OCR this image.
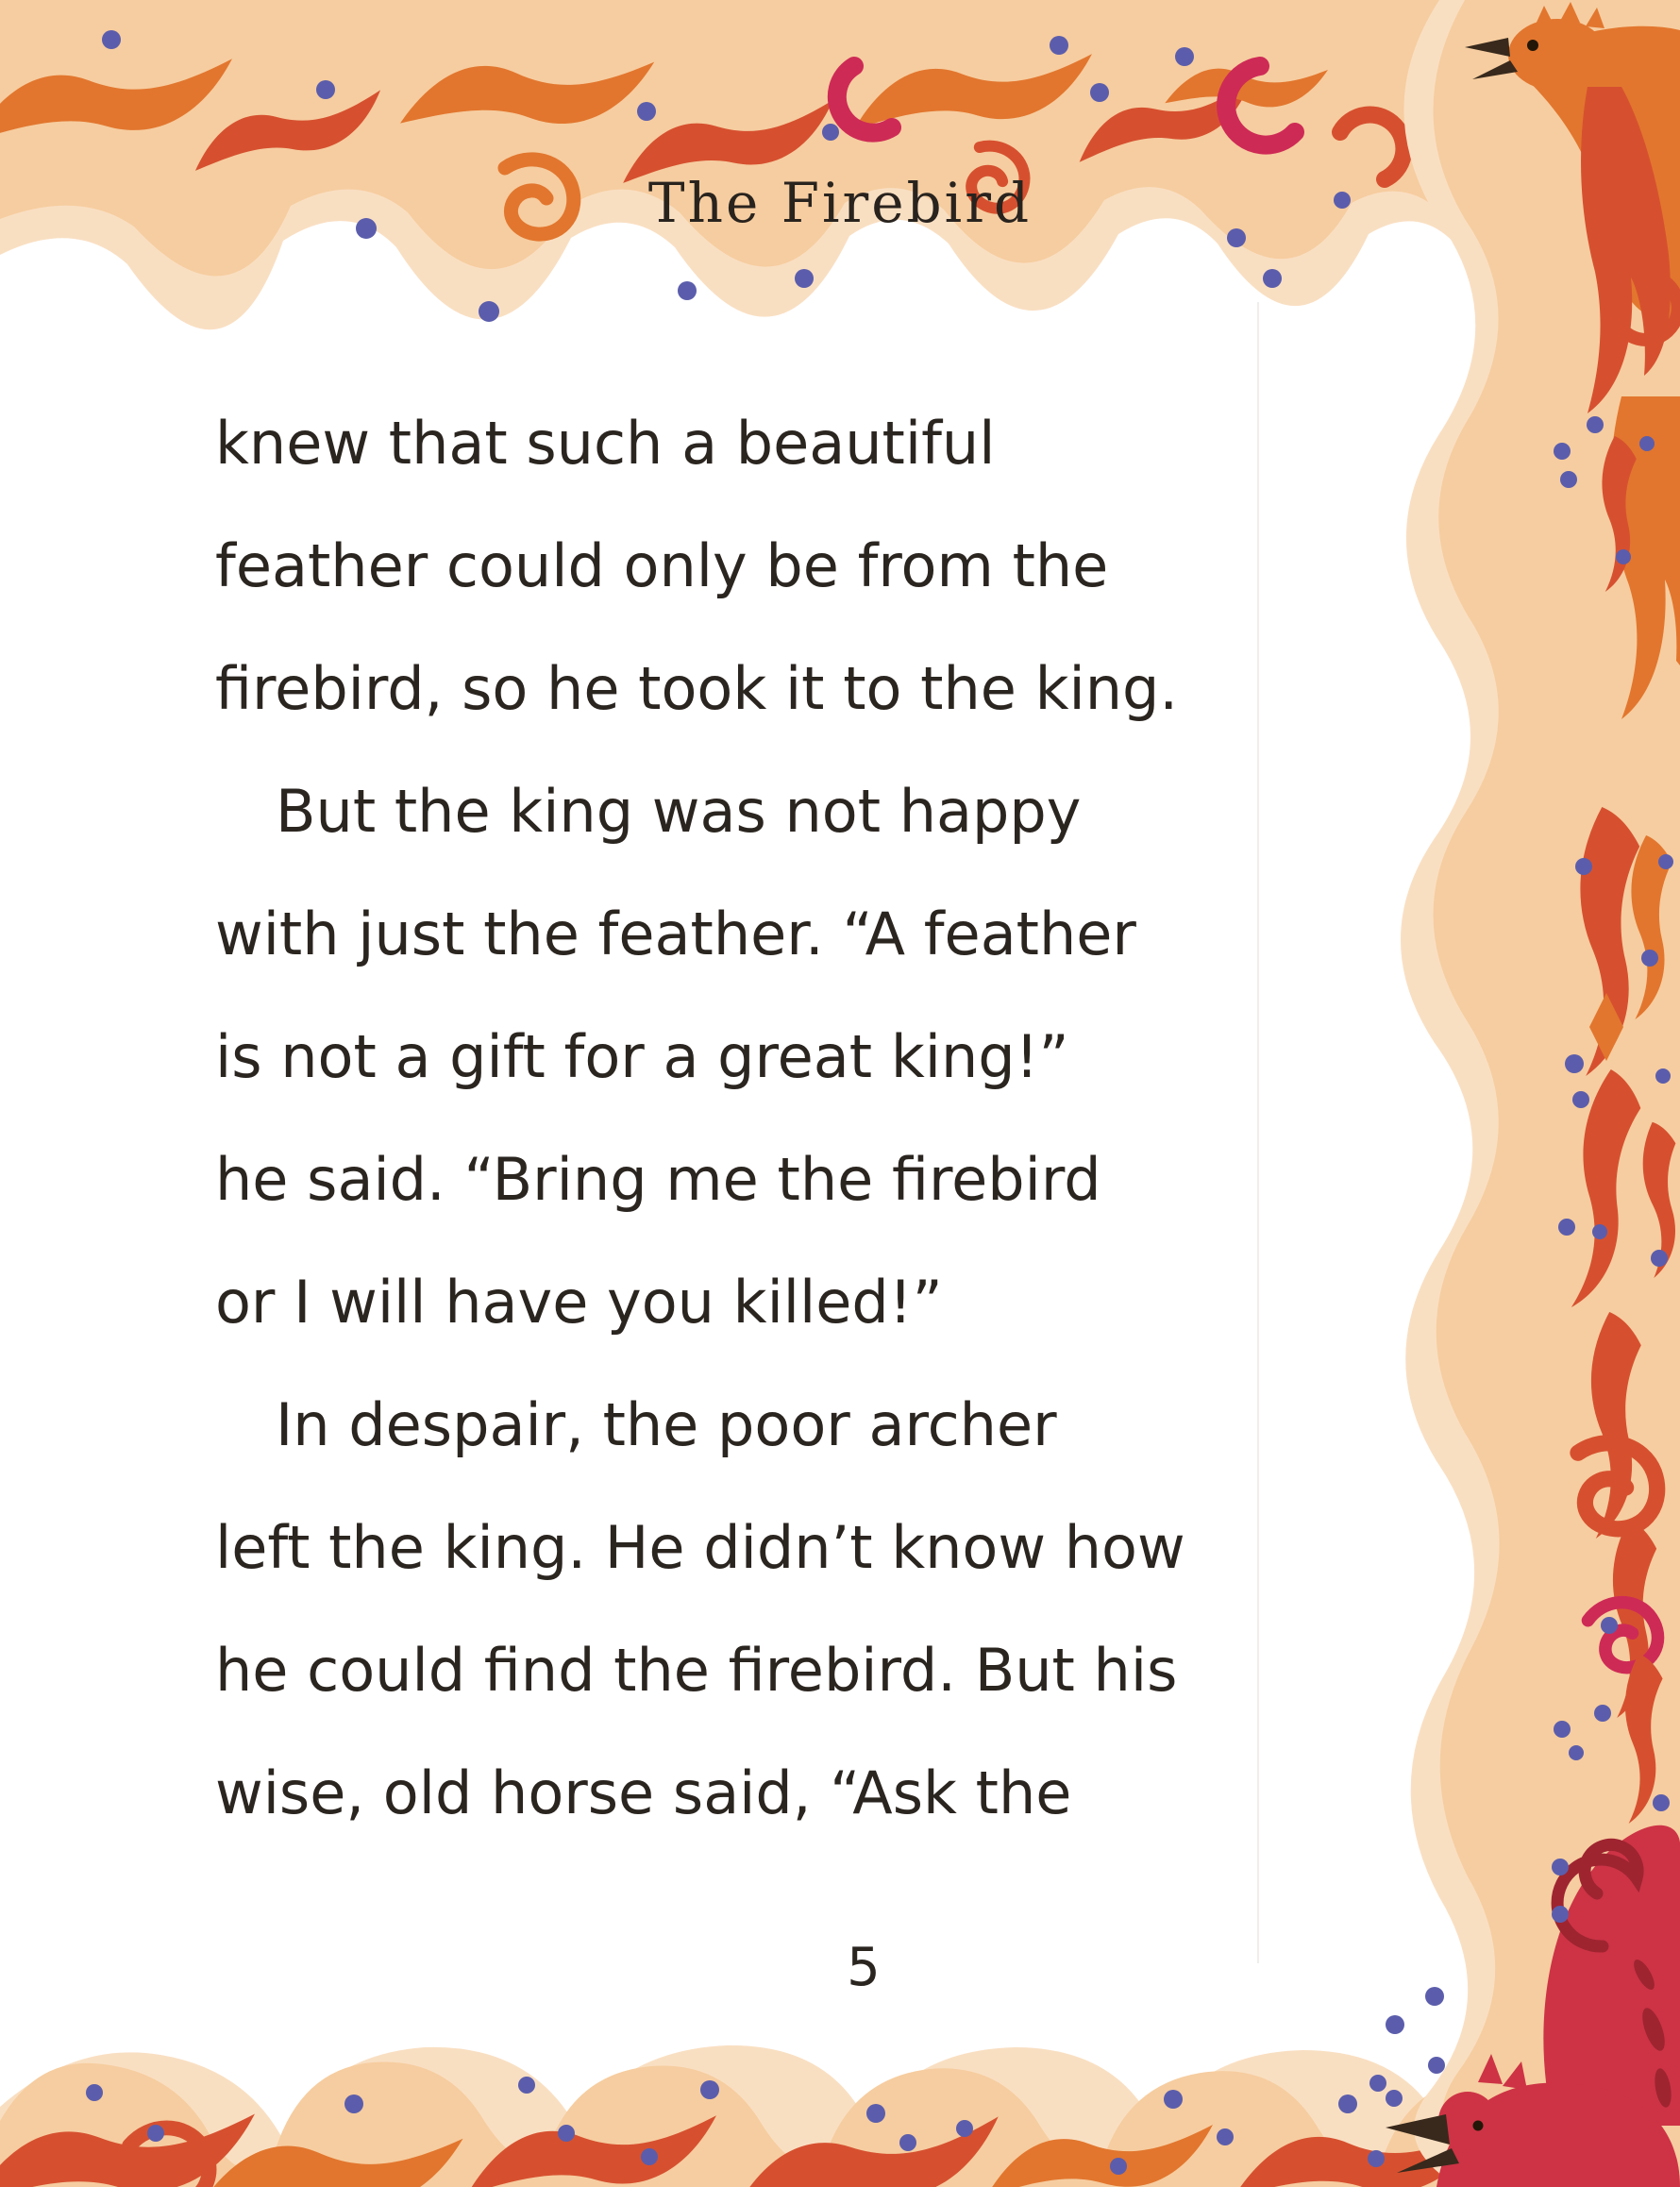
The Firebird
knew that such a beautiful
feather could only be from the
firebird, so he took it to the king.
But the king was not happy
with just the feather. “A feather
is not a gift for a great king!”
he said. “Bring me the firebird
or I will have you killed!”
In despair, the poor archer
left the king. He didn’t know how
he could find the firebird. But his
wise, old horse said, “Ask the
5
